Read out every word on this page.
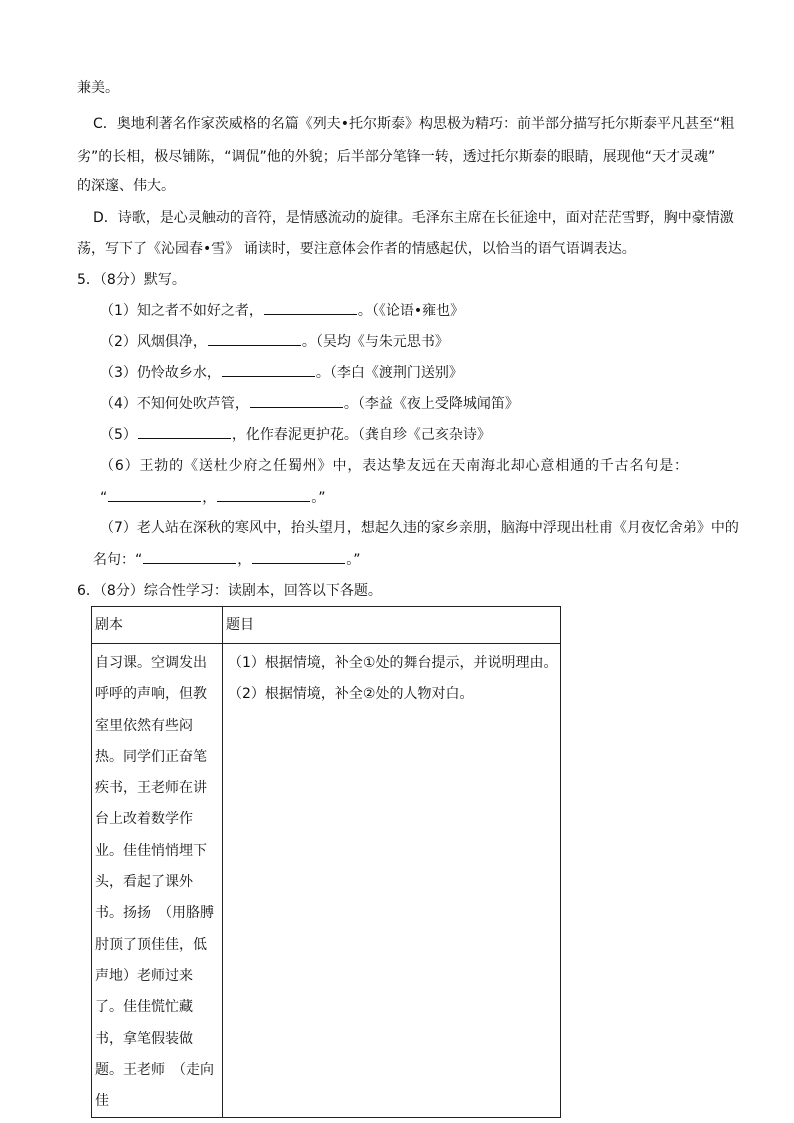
兼美。
C．奥地利著名作家茨威格的名篇《列夫•托尔斯泰》构思极为精巧：前半部分描写托尔斯泰平凡甚至“粗
劣”的长相，极尽铺陈，“调侃”他的外貌；后半部分笔锋一转，透过托尔斯泰的眼睛，展现他“天才灵魂”
的深邃、伟大。
D．诗歌，是心灵触动的音符，是情感流动的旋律。毛泽东主席在长征途中，面对茫茫雪野，胸中豪情激
荡，写下了《沁园春•雪》 诵读时，要注意体会作者的情感起伏，以恰当的语气语调表达。
5．（8分）默写。
（1）知之者不如好之者，	。（《论语•雍也》
（2）风烟俱净，	。（吴均《与朱元思书》
（3）仍怜故乡水，	。（李白《渡荆门送别》
（4）不知何处吹芦管，	。（李益《夜上受降城闻笛》
（5）	，化作春泥更护花。（龚自珍《己亥杂诗》
（6）王勃的《送杜少府之任蜀州》中，表达挚友远在天南海北却心意相通的千古名句是：
“	，	。”
（7）老人站在深秋的寒风中，抬头望月，想起久违的家乡亲朋，脑海中浮现出杜甫《月夜忆舍弟》中的
名句：“	，	。”
6．（8分）综合性学习：读剧本，回答以下各题。
剧本	题目

自习课。空调发出呼呼的声响，但教室里依然有些闷热。同学们正奋笔疾书，王老师在讲台上改着数学作业。佳佳悄悄埋下头，看起了课外书。扬扬　（用胳膊肘顶了顶佳佳，低声地）老师过来了。佳佳慌忙藏书，拿笔假装做题。王老师　（走向佳	（1）根据情境，补全①处的舞台提示，并说明理由。
（2）根据情境，补全②处的人物对白。
